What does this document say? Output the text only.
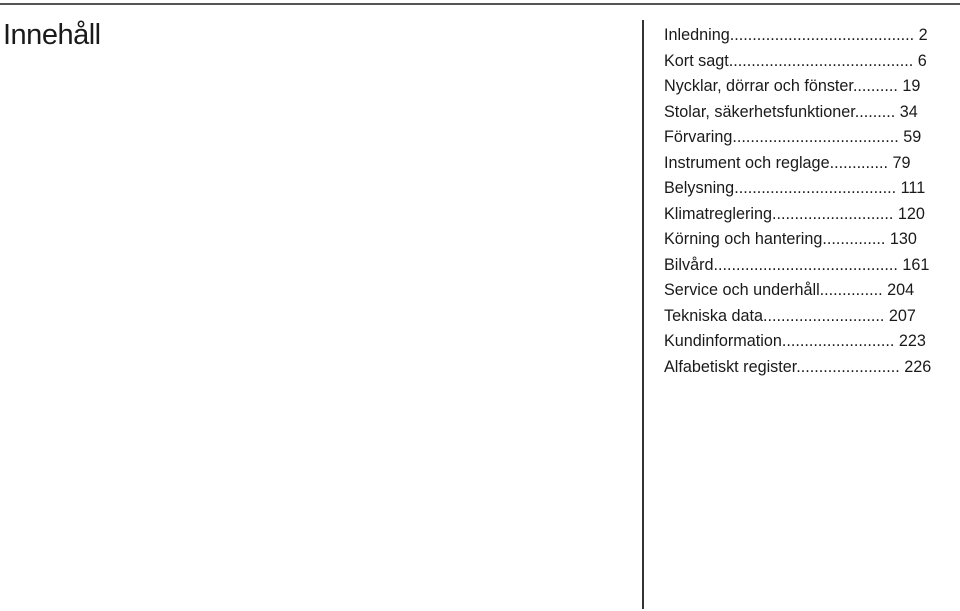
Innehåll	Inledning......................................... 2
Kort sagt......................................... 6
Nycklar, dörrar och fönster.......... 19
Stolar, säkerhetsfunktioner......... 34
Förvaring..................................... 59
Instrument och reglage............. 79
Belysning.................................... 111
Klimatreglering........................... 120
Körning och hantering.............. 130
Bilvård......................................... 161
Service och underhåll.............. 204
Tekniska data........................... 207
Kundinformation......................... 223
Alfabetiskt register....................... 226
